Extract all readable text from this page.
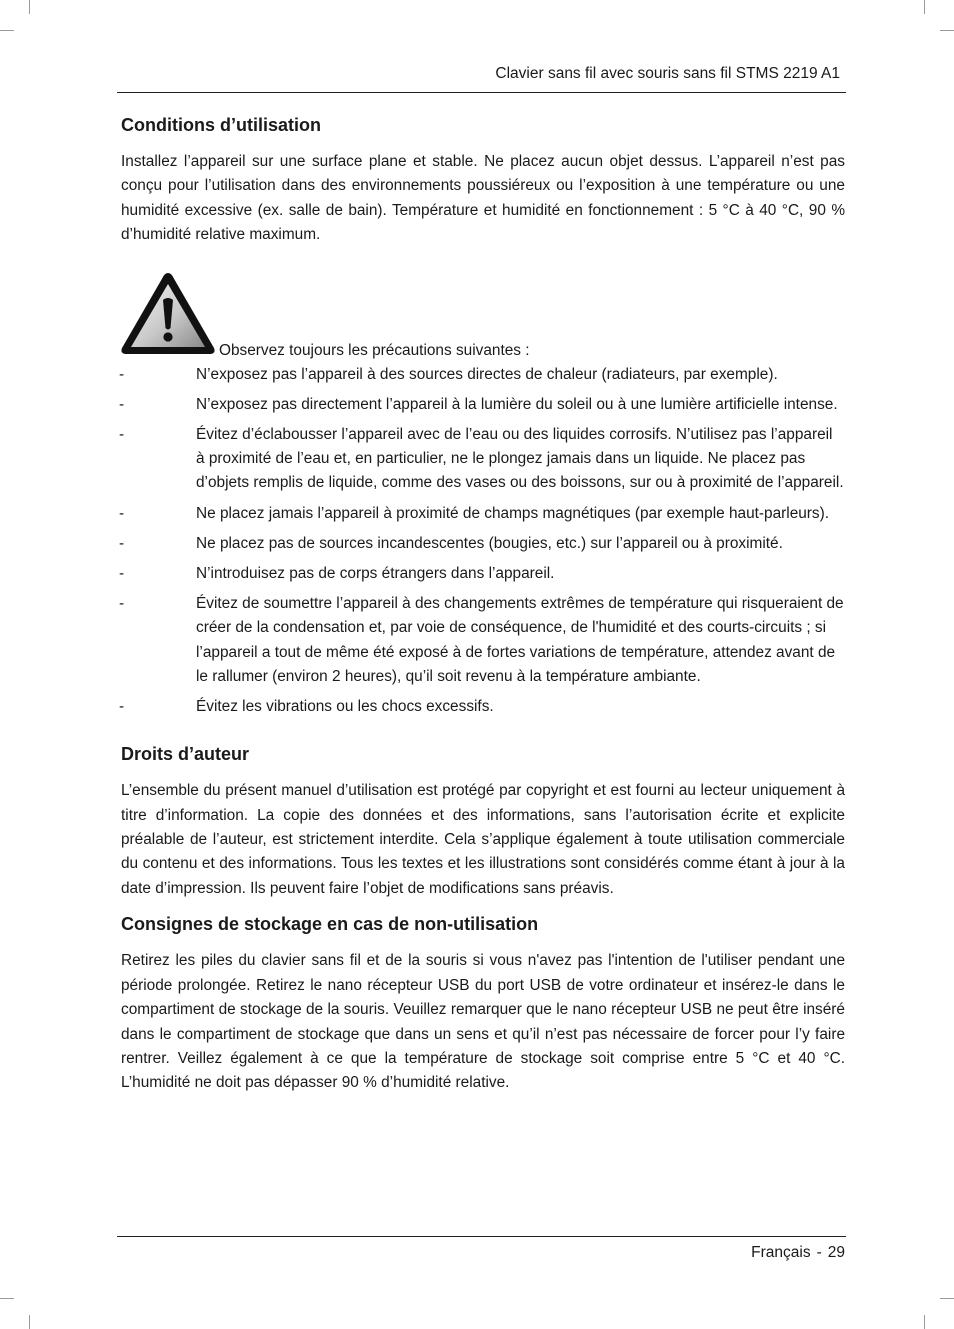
Clavier sans fil avec souris sans fil STMS 2219 A1
Conditions d’utilisation

Installez l’appareil sur une surface plane et stable. Ne placez aucun objet dessus. L’appareil n’est pas conçu pour l’utilisation dans des environnements poussiéreux ou l’exposition à une température ou une humidité excessive (ex. salle de bain). Température et humidité en fonctionnement : 5 °C à 40 °C, 90 % d’humidité relative maximum.

Observez toujours les précautions suivantes :
-	N’exposez pas l’appareil à des sources directes de chaleur (radiateurs, par exemple).
-	N’exposez pas directement l’appareil à la lumière du soleil ou à une lumière artificielle intense.
-	Évitez d’éclabousser l’appareil avec de l’eau ou des liquides corrosifs. N’utilisez pas l’appareil à proximité de l’eau et, en particulier, ne le plongez jamais dans un liquide. Ne placez pas d’objets remplis de liquide, comme des vases ou des boissons, sur ou à proximité de l’appareil.
-	Ne placez jamais l’appareil à proximité de champs magnétiques (par exemple haut-parleurs).
-	Ne placez pas de sources incandescentes (bougies, etc.) sur l’appareil ou à proximité.
-	N’introduisez pas de corps étrangers dans l’appareil.
-	Évitez de soumettre l’appareil à des changements extrêmes de température qui risqueraient de créer de la condensation et, par voie de conséquence, de l'humidité et des courts-circuits ; si l’appareil a tout de même été exposé à de fortes variations de température, attendez avant de le rallumer (environ 2 heures), qu’il soit revenu à la température ambiante.
-	Évitez les vibrations ou les chocs excessifs.
Droits d’auteur

L’ensemble du présent manuel d’utilisation est protégé par copyright et est fourni au lecteur uniquement à titre d’information. La copie des données et des informations, sans l’autorisation écrite et explicite préalable de l’auteur, est strictement interdite. Cela s’applique également à toute utilisation commerciale du contenu et des informations. Tous les textes et les illustrations sont considérés comme étant à jour à la date d’impression. Ils peuvent faire l’objet de modifications sans préavis.

Consignes de stockage en cas de non-utilisation

Retirez les piles du clavier sans fil et de la souris si vous n'avez pas l'intention de l'utiliser pendant une période prolongée. Retirez le nano récepteur USB du port USB de votre ordinateur et insérez-le dans le compartiment de stockage de la souris. Veuillez remarquer que le nano récepteur USB ne peut être inséré dans le compartiment de stockage que dans un sens et qu’il n’est pas nécessaire de forcer pour l’y faire rentrer. Veillez également à ce que la température de stockage soit comprise entre 5 °C et 40 °C. L’humidité ne doit pas dépasser 90 % d’humidité relative.

Français - 29
